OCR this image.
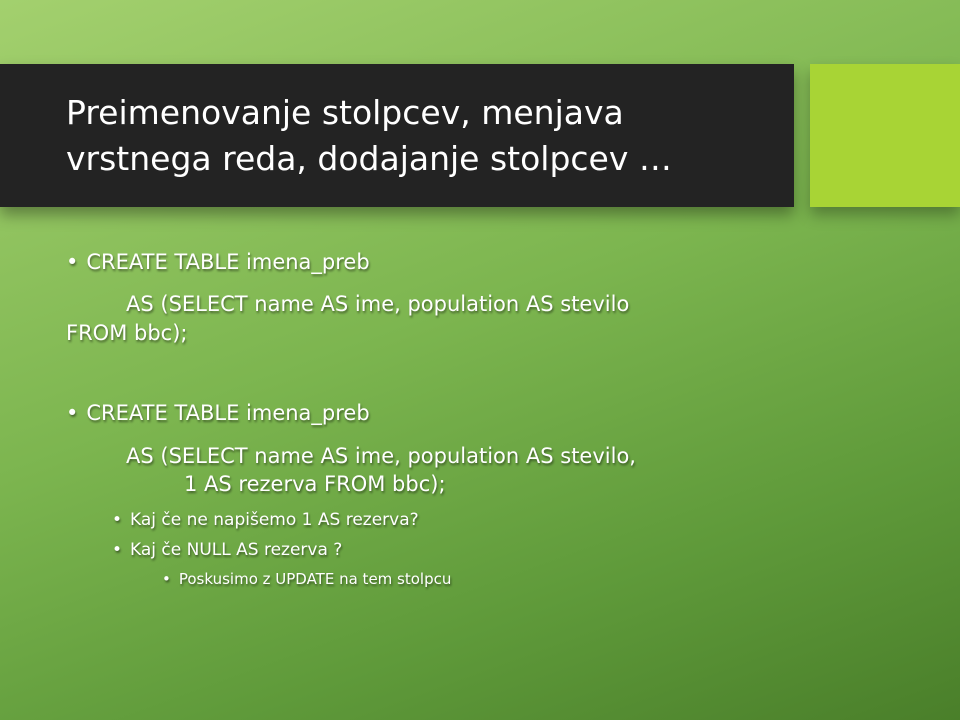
Preimenovanje stolpcev, menjava
vrstnega reda, dodajanje stolpcev …
• CREATE TABLE imena_preb
AS (SELECT name AS ime, population AS stevilo
FROM bbc);
• CREATE TABLE imena_preb
AS (SELECT name AS ime, population AS stevilo,
1 AS rezerva FROM bbc);
• Kaj če ne napišemo 1 AS rezerva?
• Kaj če NULL AS rezerva ?
• Poskusimo z UPDATE na tem stolpcu
